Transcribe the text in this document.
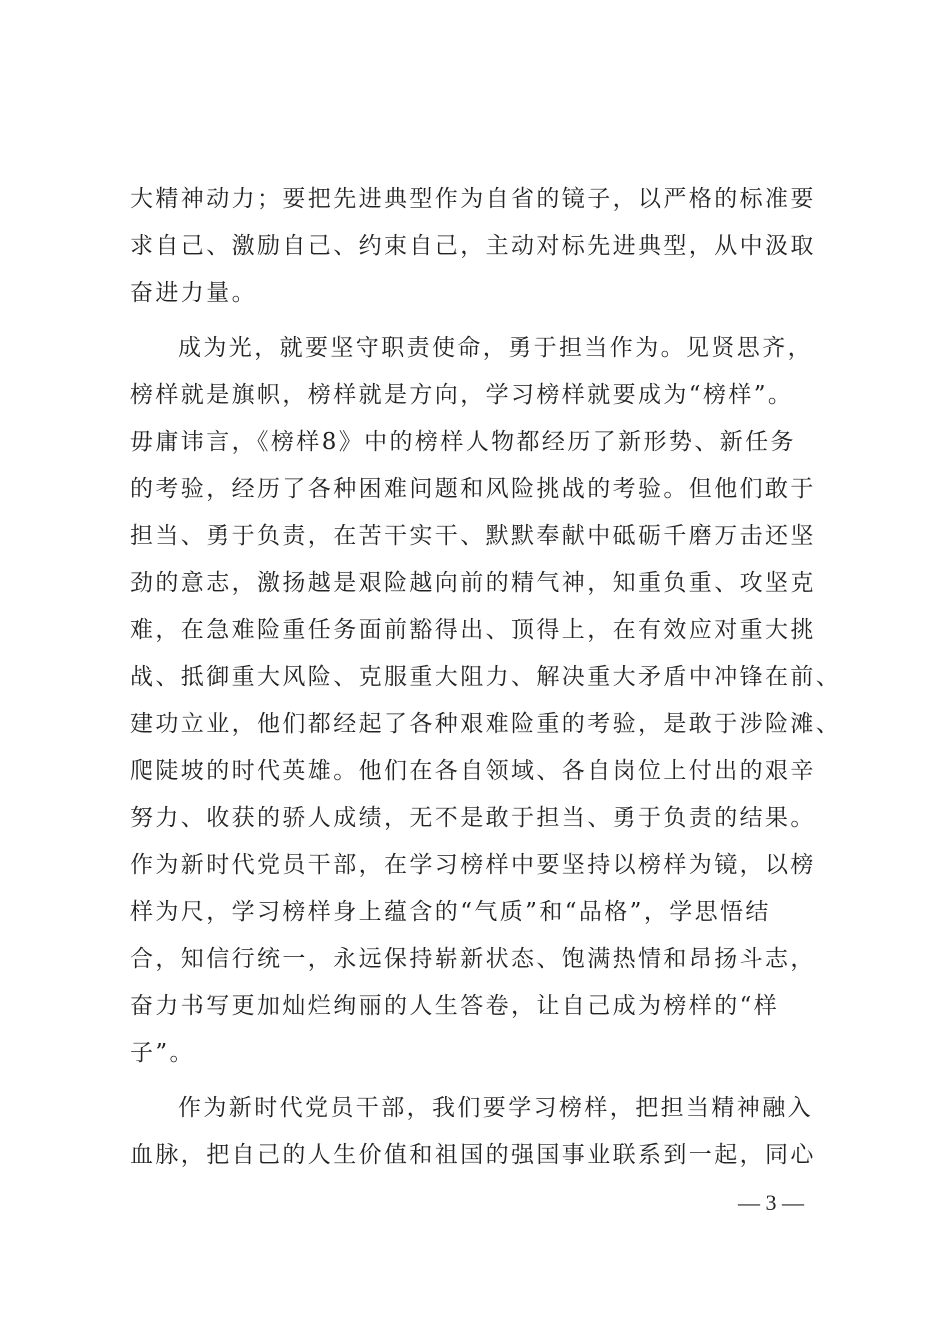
大精神动力；要把先进典型作为自省的镜子，以严格的标准要
求自己、激励自己、约束自己，主动对标先进典型，从中汲取
奋进力量。
成为光，就要坚守职责使命，勇于担当作为。见贤思齐，
榜样就是旗帜，榜样就是方向，学习榜样就要成为“榜样”。
毋庸讳言，《榜样8》中的榜样人物都经历了新形势、新任务
的考验，经历了各种困难问题和风险挑战的考验。但他们敢于
担当、勇于负责，在苦干实干、默默奉献中砥砺千磨万击还坚
劲的意志，激扬越是艰险越向前的精气神，知重负重、攻坚克
难，在急难险重任务面前豁得出、顶得上，在有效应对重大挑
战、抵御重大风险、克服重大阻力、解决重大矛盾中冲锋在前、
建功立业，他们都经起了各种艰难险重的考验，是敢于涉险滩、
爬陡坡的时代英雄。他们在各自领域、各自岗位上付出的艰辛
努力、收获的骄人成绩，无不是敢于担当、勇于负责的结果。
作为新时代党员干部，在学习榜样中要坚持以榜样为镜，以榜
样为尺，学习榜样身上蕴含的“气质”和“品格”，学思悟结
合，知信行统一，永远保持崭新状态、饱满热情和昂扬斗志，
奋力书写更加灿烂绚丽的人生答卷，让自己成为榜样的“样
子”。
作为新时代党员干部，我们要学习榜样，把担当精神融入
血脉，把自己的人生价值和祖国的强国事业联系到一起，同心
— 3 —
